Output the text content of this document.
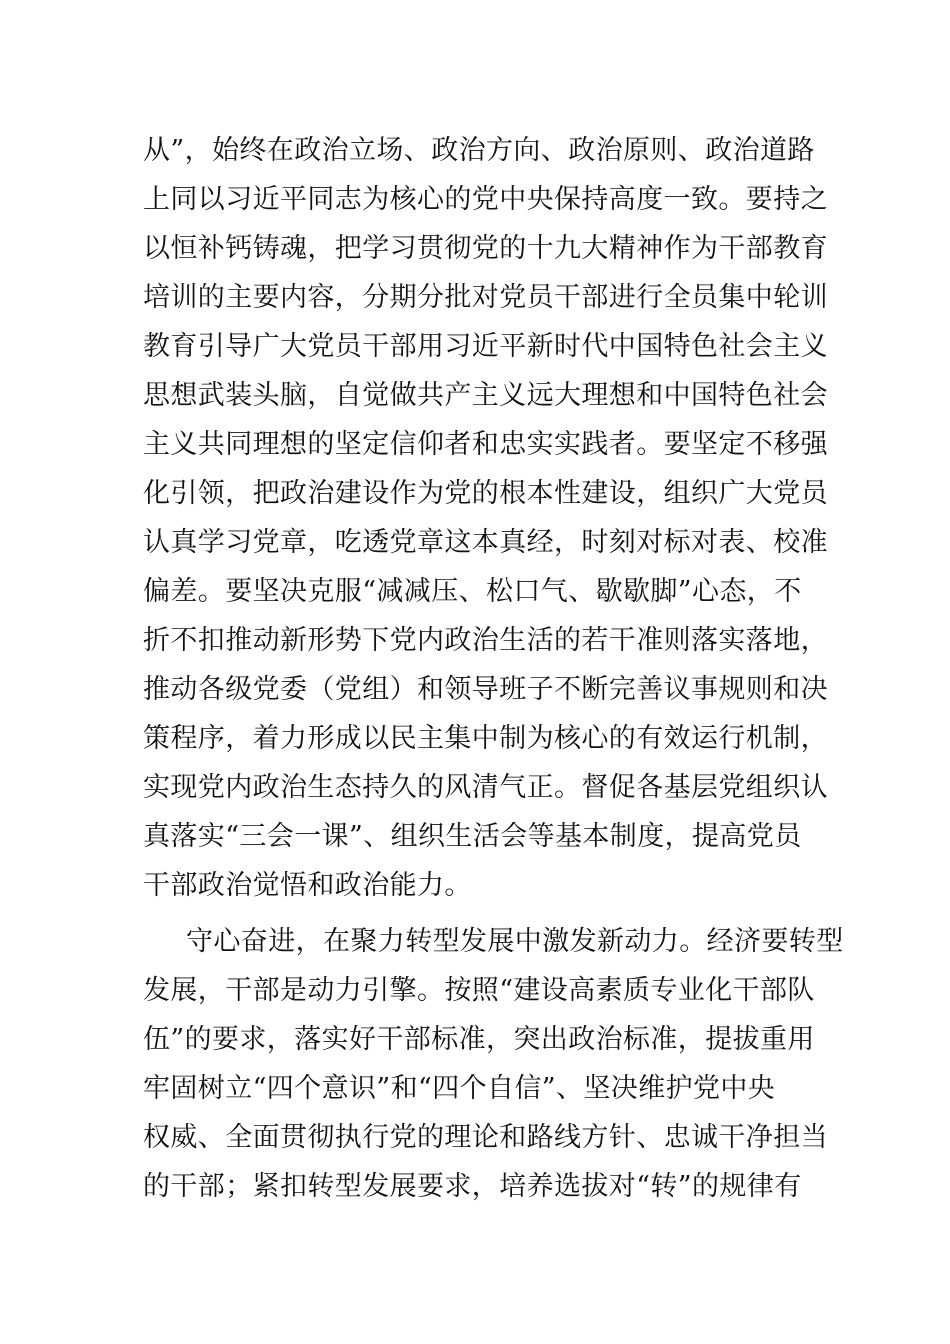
从”，始终在政治立场、政治方向、政治原则、政治道路
上同以习近平同志为核心的党中央保持高度一致。要持之
以恒补钙铸魂，把学习贯彻党的十九大精神作为干部教育
培训的主要内容，分期分批对党员干部进行全员集中轮训
教育引导广大党员干部用习近平新时代中国特色社会主义
思想武装头脑，自觉做共产主义远大理想和中国特色社会
主义共同理想的坚定信仰者和忠实实践者。要坚定不移强
化引领，把政治建设作为党的根本性建设，组织广大党员
认真学习党章，吃透党章这本真经，时刻对标对表、校准
偏差。要坚决克服“减减压、松口气、歇歇脚”心态，不
折不扣推动新形势下党内政治生活的若干准则落实落地，
推动各级党委（党组）和领导班子不断完善议事规则和决
策程序，着力形成以民主集中制为核心的有效运行机制，
实现党内政治生态持久的风清气正。督促各基层党组织认
真落实“三会一课”、组织生活会等基本制度，提高党员
干部政治觉悟和政治能力。
守心奋进，在聚力转型发展中激发新动力。经济要转型
发展，干部是动力引擎。按照“建设高素质专业化干部队
伍”的要求，落实好干部标准，突出政治标准，提拔重用
牢固树立“四个意识”和“四个自信”、坚决维护党中央
权威、全面贯彻执行党的理论和路线方针、忠诚干净担当
的干部；紧扣转型发展要求，培养选拔对“转”的规律有
